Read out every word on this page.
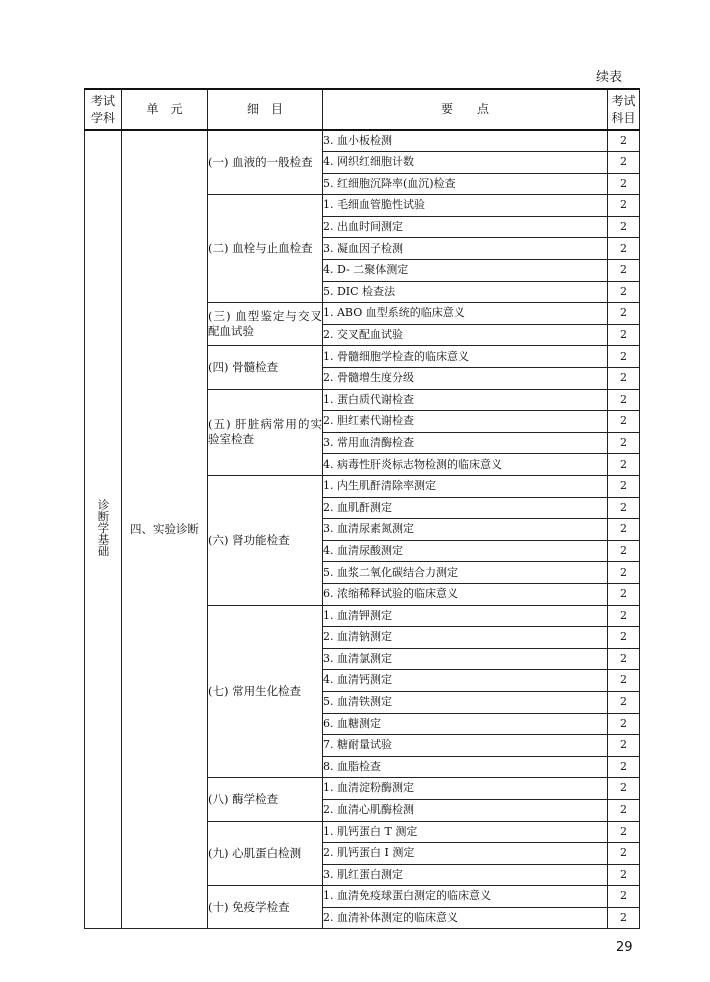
续表
考试学科	单　元	细　目	要　　点	考试科目
诊断学基础	四、实验诊断	(一) 血液的一般检查	3. 血小板检测	2
			4. 网织红细胞计数	2
			5. 红细胞沉降率(血沉)检查	2
		(二) 血栓与止血检查	1. 毛细血管脆性试验	2
			2. 出血时间测定	2
			3. 凝血因子检测	2
			4. D- 二聚体测定	2
			5. DIC 检查法	2
		(三) 血型鉴定与交叉配血试验	1. ABO 血型系统的临床意义	2
			2. 交叉配血试验	2
		(四) 骨髓检查	1. 骨髓细胞学检查的临床意义	2
			2. 骨髓增生度分级	2
		(五) 肝脏病常用的实验室检查	1. 蛋白质代谢检查	2
			2. 胆红素代谢检查	2
			3. 常用血清酶检查	2
			4. 病毒性肝炎标志物检测的临床意义	2
		(六) 肾功能检查	1. 内生肌酐清除率测定	2
			2. 血肌酐测定	2
			3. 血清尿素氮测定	2
			4. 血清尿酸测定	2
			5. 血浆二氧化碳结合力测定	2
			6. 浓缩稀释试验的临床意义	2
		(七) 常用生化检查	1. 血清钾测定	2
			2. 血清钠测定	2
			3. 血清氯测定	2
			4. 血清钙测定	2
			5. 血清铁测定	2
			6. 血糖测定	2
			7. 糖耐量试验	2
			8. 血脂检查	2
		(八) 酶学检查	1. 血清淀粉酶测定	2
			2. 血清心肌酶检测	2
		(九) 心肌蛋白检测	1. 肌钙蛋白 T 测定	2
			2. 肌钙蛋白 I 测定	2
			3. 肌红蛋白测定	2
		(十) 免疫学检查	1. 血清免疫球蛋白测定的临床意义	2
			2. 血清补体测定的临床意义	2
29
